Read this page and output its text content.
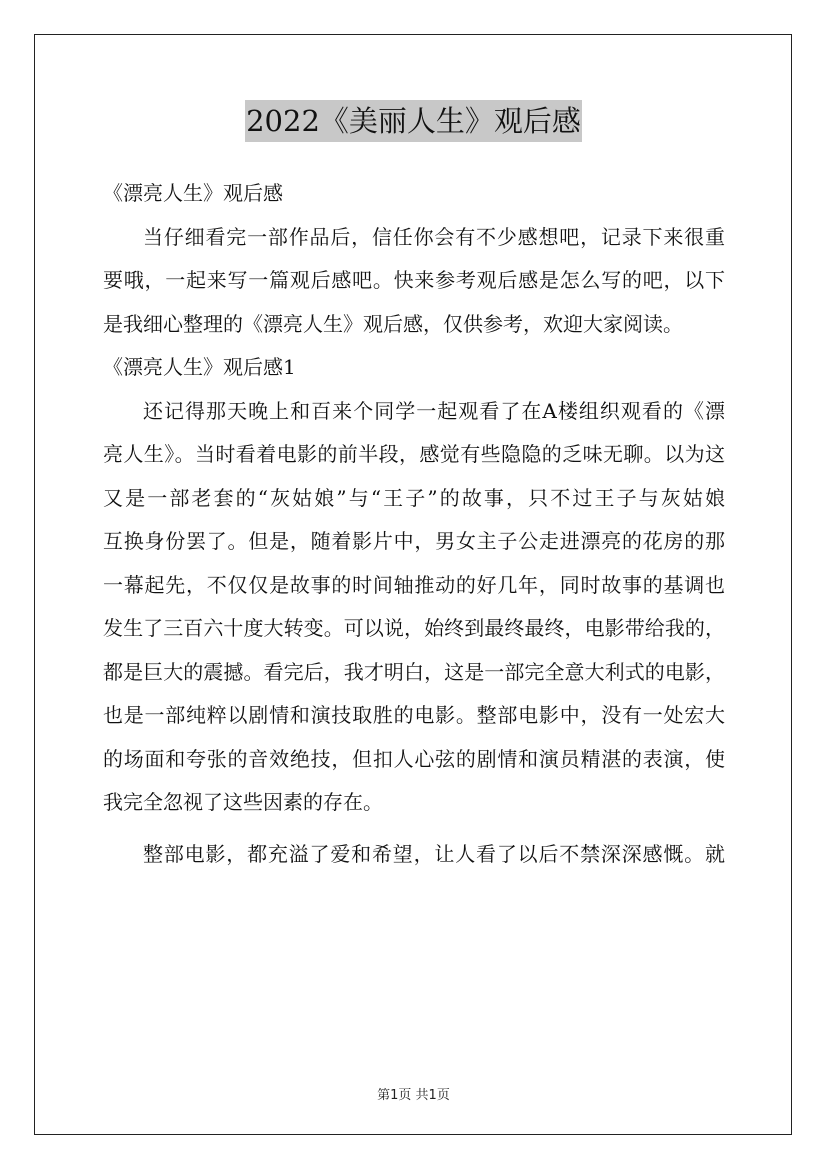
2022《美丽人生》观后感
《漂亮人生》观后感
当仔细看完一部作品后，信任你会有不少感想吧，记录下来很重
要哦，一起来写一篇观后感吧。快来参考观后感是怎么写的吧，以下
是我细心整理的《漂亮人生》观后感，仅供参考，欢迎大家阅读。
《漂亮人生》观后感1
还记得那天晚上和百来个同学一起观看了在A楼组织观看的《漂
亮人生》。当时看着电影的前半段，感觉有些隐隐的乏味无聊。以为这
又是一部老套的“灰姑娘”与“王子”的故事，只不过王子与灰姑娘
互换身份罢了。但是，随着影片中，男女主子公走进漂亮的花房的那
一幕起先，不仅仅是故事的时间轴推动的好几年，同时故事的基调也
发生了三百六十度大转变。可以说，始终到最终最终，电影带给我的，
都是巨大的震撼。看完后，我才明白，这是一部完全意大利式的电影，
也是一部纯粹以剧情和演技取胜的电影。整部电影中，没有一处宏大
的场面和夸张的音效绝技，但扣人心弦的剧情和演员精湛的表演，使
我完全忽视了这些因素的存在。
整部电影，都充溢了爱和希望，让人看了以后不禁深深感慨。就
第1页 共1页
